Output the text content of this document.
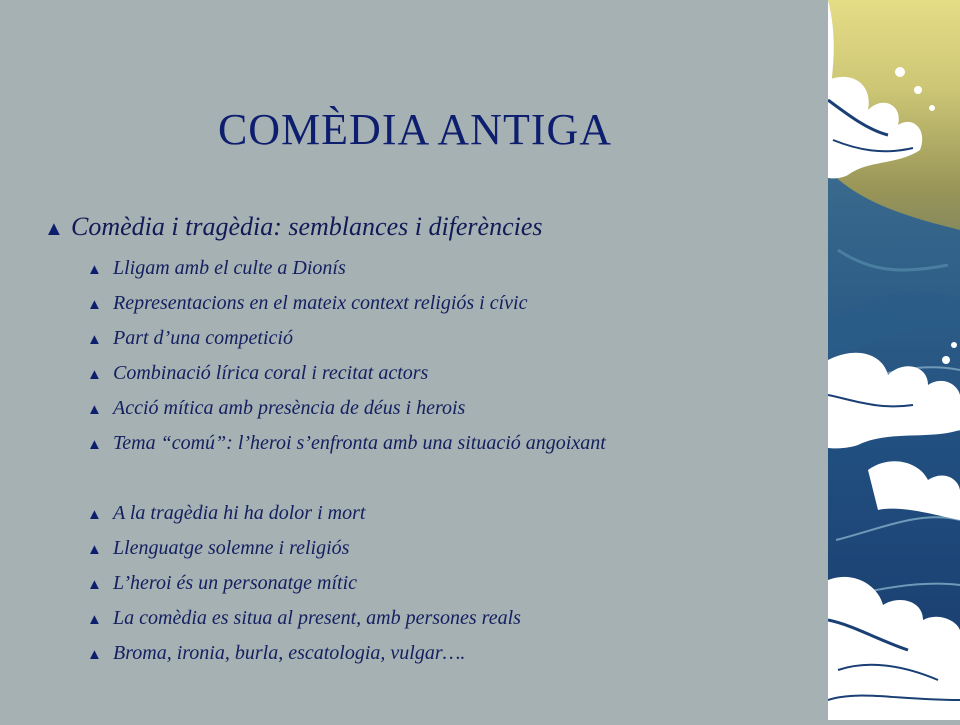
COMÈDIA ANTIGA
▲ Comèdia i tragèdia: semblances i diferències
▲ Lligam amb el culte a Dionís
▲ Representacions en el mateix context religiós i cívic
▲ Part d’una competició
▲ Combinació lírica coral i recitat actors
▲ Acció mítica amb presència de déus i herois
▲ Tema “comú”: l’heroi s’enfronta amb una situació angoixant
▲ A la tragèdia hi ha dolor i mort
▲ Llenguatge solemne i religiós
▲ L’heroi és un personatge mític
▲ La comèdia es situa al present, amb persones reals
▲ Broma, ironia, burla, escatologia, vulgar….
